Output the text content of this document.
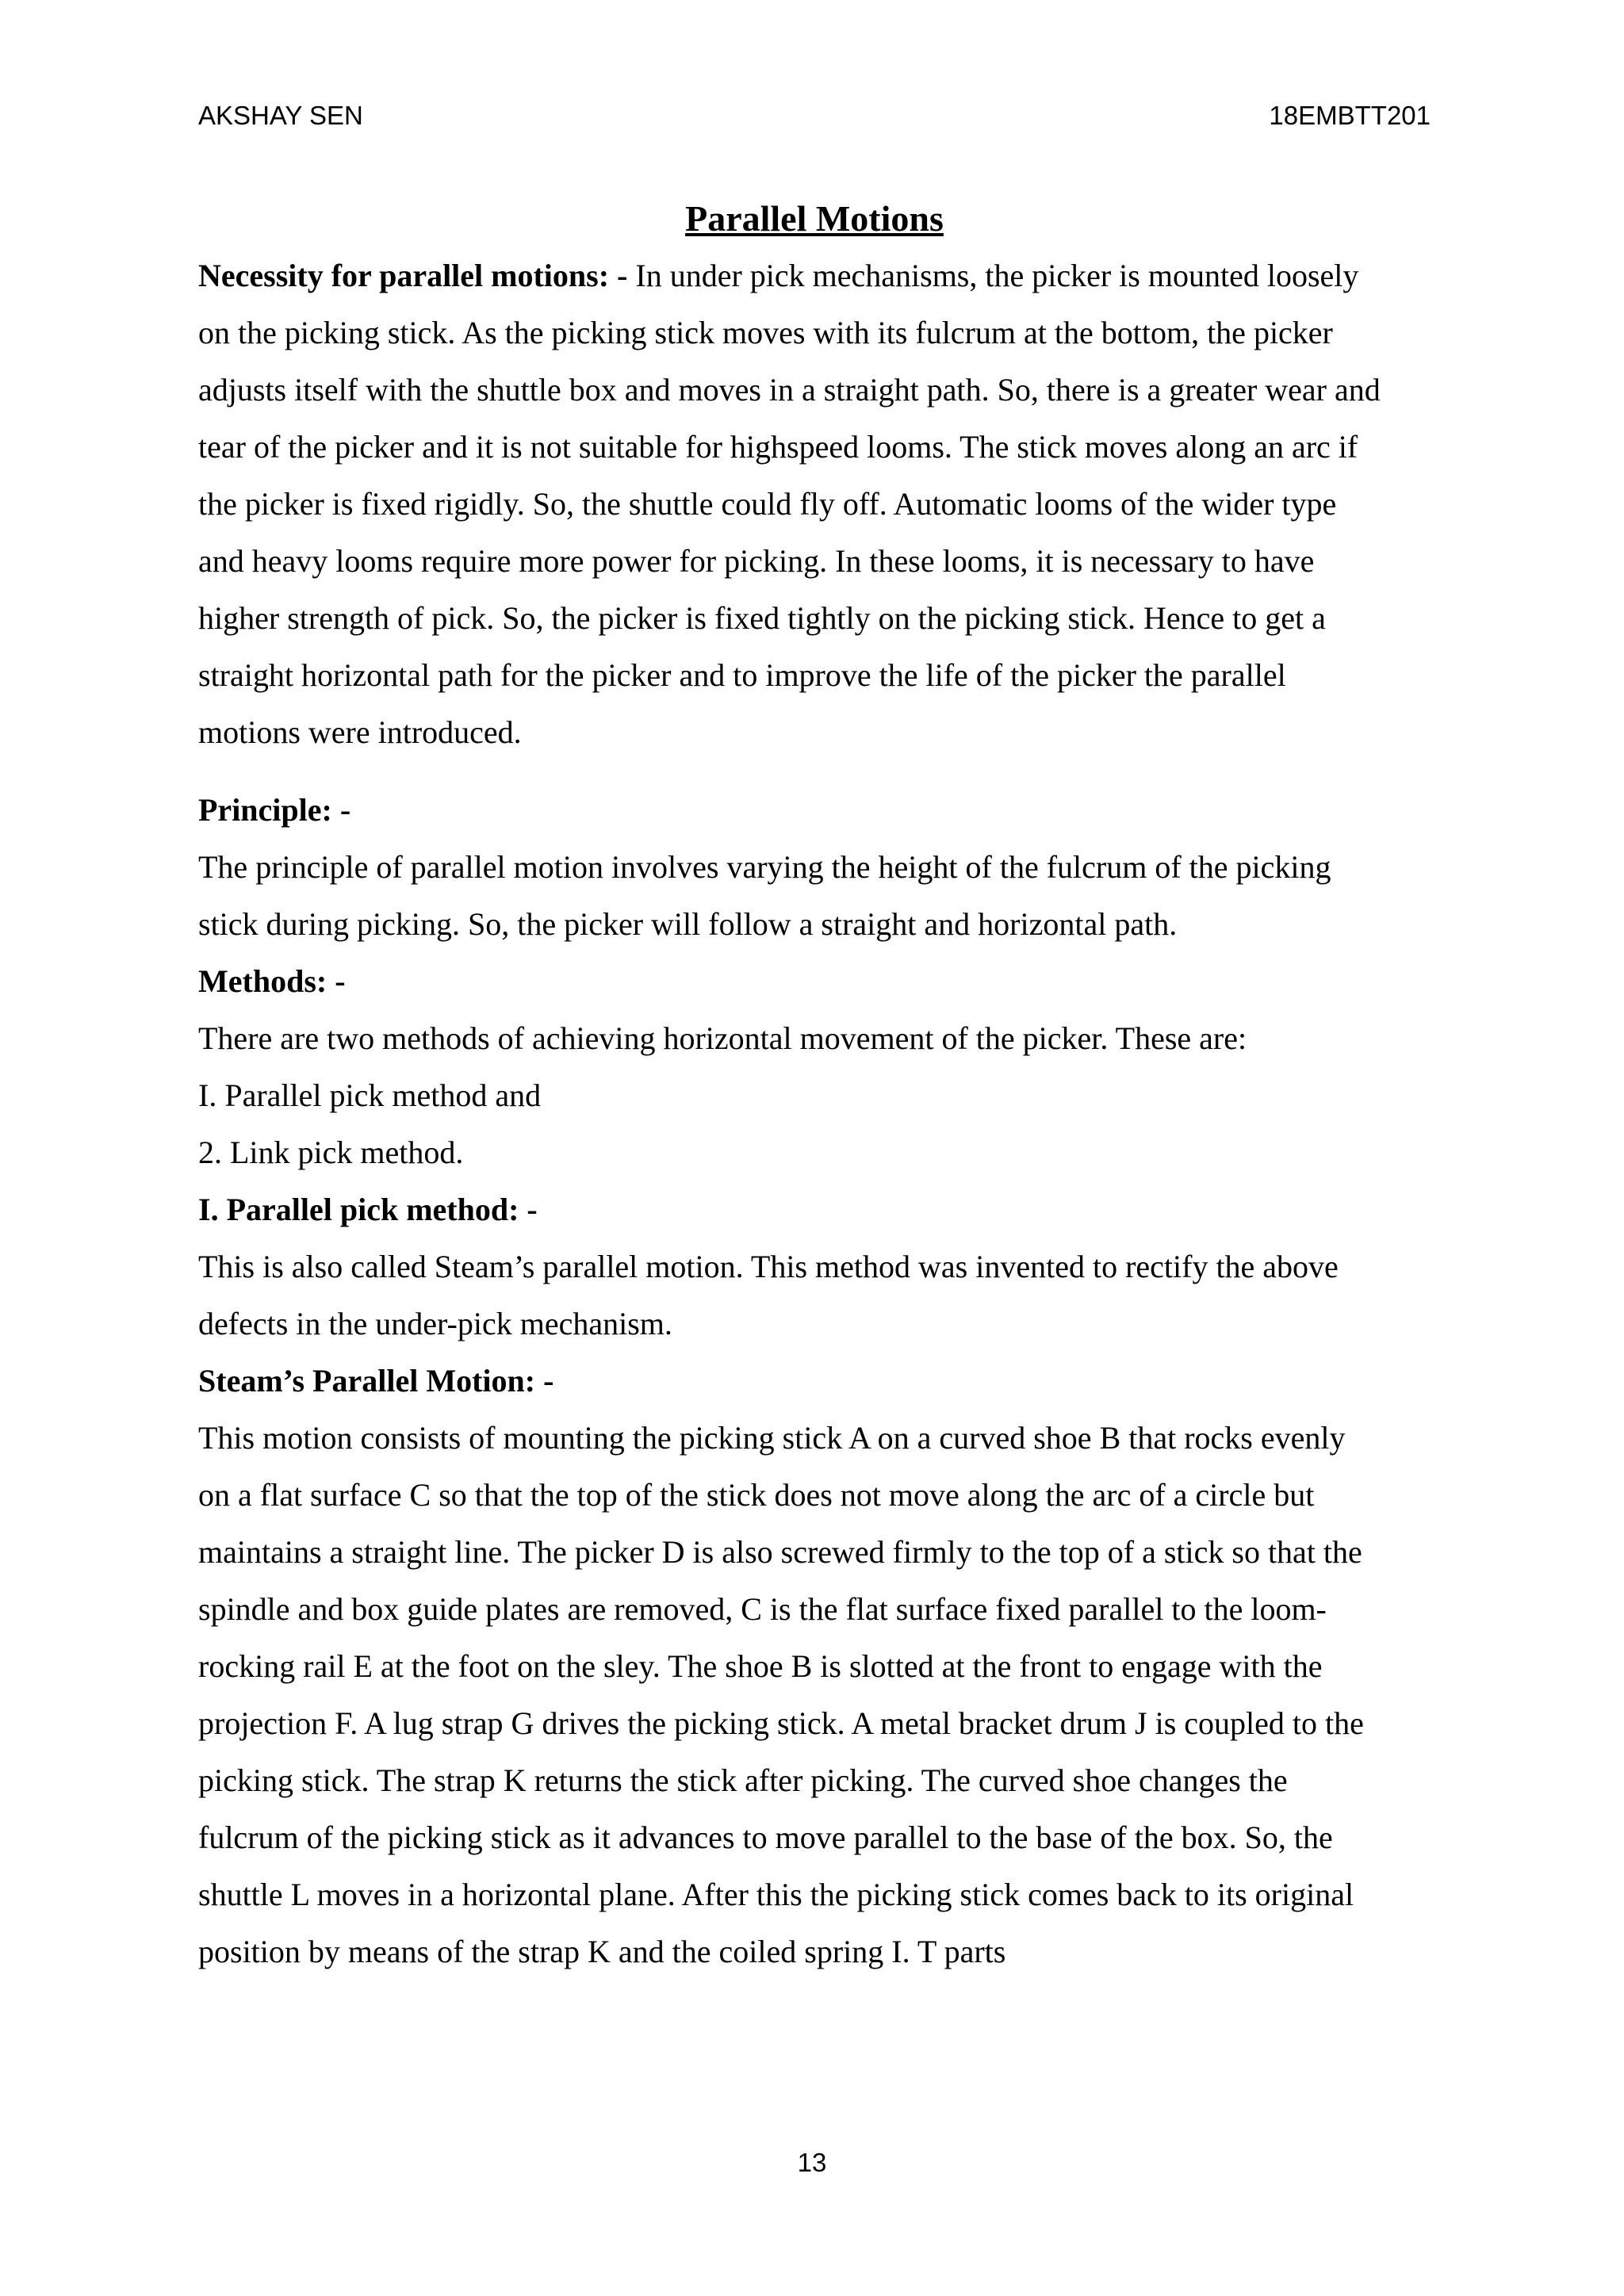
AKSHAY SEN	18EMBTT201
Parallel Motions
Necessity for parallel motions: - In under pick mechanisms, the picker is mounted loosely
on the picking stick. As the picking stick moves with its fulcrum at the bottom, the picker
adjusts itself with the shuttle box and moves in a straight path. So, there is a greater wear and
tear of the picker and it is not suitable for highspeed looms. The stick moves along an arc if
the picker is fixed rigidly. So, the shuttle could fly off. Automatic looms of the wider type
and heavy looms require more power for picking. In these looms, it is necessary to have
higher strength of pick. So, the picker is fixed tightly on the picking stick. Hence to get a
straight horizontal path for the picker and to improve the life of the picker the parallel
motions were introduced.
Principle: -
The principle of parallel motion involves varying the height of the fulcrum of the picking
stick during picking. So, the picker will follow a straight and horizontal path.
Methods: -
There are two methods of achieving horizontal movement of the picker. These are:
I. Parallel pick method and
2. Link pick method.
I. Parallel pick method: -
This is also called Steam’s parallel motion. This method was invented to rectify the above
defects in the under-pick mechanism.
Steam’s Parallel Motion: -
This motion consists of mounting the picking stick A on a curved shoe B that rocks evenly
on a flat surface C so that the top of the stick does not move along the arc of a circle but
maintains a straight line. The picker D is also screwed firmly to the top of a stick so that the
spindle and box guide plates are removed, C is the flat surface fixed parallel to the loom-
rocking rail E at the foot on the sley. The shoe B is slotted at the front to engage with the
projection F. A lug strap G drives the picking stick. A metal bracket drum J is coupled to the
picking stick. The strap K returns the stick after picking. The curved shoe changes the
fulcrum of the picking stick as it advances to move parallel to the base of the box. So, the
shuttle L moves in a horizontal plane. After this the picking stick comes back to its original
position by means of the strap K and the coiled spring I. T parts
13
